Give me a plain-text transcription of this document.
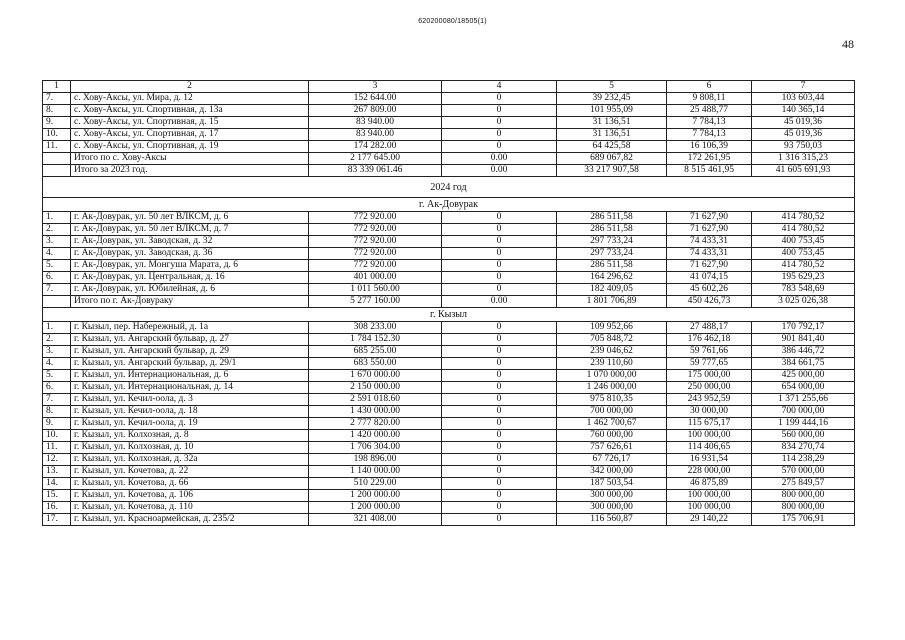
620200080/18505(1)
48
1	2	3	4	5	6	7
7.	с. Хову-Аксы, ул. Мира, д. 12	152 644.00	0	39 232,45	9 808,11	103 603,44
8.	с. Хову-Аксы, ул. Спортивная, д. 13а	267 809.00	0	101 955,09	25 488,77	140 365,14
9.	с. Хову-Аксы, ул. Спортивная, д. 15	83 940.00	0	31 136,51	7 784,13	45 019,36
10.	с. Хову-Аксы, ул. Спортивная, д. 17	83 940.00	0	31 136,51	7 784,13	45 019,36
11.	с. Хову-Аксы, ул. Спортивная, д. 19	174 282.00	0	64 425,58	16 106,39	93 750,03
	Итого по с. Хову-Аксы	2 177 645.00	0.00	689 067,82	172 261,95	1 316 315,23
	Итого за 2023 год.	83 339 061.46	0.00	33 217 907,58	8 515 461,95	41 605 691,93
2024 год						
г. Ак-Довурак						
1.	г. Ак-Довурак, ул. 50 лет ВЛКСМ, д. 6	772 920.00	0	286 511,58	71 627,90	414 780,52
2.	г. Ак-Довурак, ул. 50 лет ВЛКСМ, д. 7	772 920.00	0	286 511,58	71 627,90	414 780,52
3.	г. Ак-Довурак, ул. Заводская, д. 32	772 920.00	0	297 733,24	74 433,31	400 753,45
4.	г. Ак-Довурак, ул. Заводская, д. 36	772 920.00	0	297 733,24	74 433,31	400 753,45
5.	г. Ак-Довурак, ул. Монгуша Марата, д. 6	772 920.00	0	286 511,58	71 627,90	414 780,52
6.	г. Ак-Довурак, ул. Центральная, д. 16	401 000.00	0	164 296,62	41 074,15	195 629,23
7.	г. Ак-Довурак, ул. Юбилейная, д. 6	1 011 560.00	0	182 409,05	45 602,26	783 548,69
	Итого по г. Ак-Довураку	5 277 160.00	0.00	1 801 706,89	450 426,73	3 025 026,38
г. Кызыл						
1.	г. Кызыл, пер. Набережный, д. 1а	308 233.00	0	109 952,66	27 488,17	170 792,17
2.	г. Кызыл, ул. Ангарский бульвар, д. 27	1 784 152.30	0	705 848,72	176 462,18	901 841,40
3.	г. Кызыл, ул. Ангарский бульвар, д. 29	685 255.00	0	239 046,62	59 761,66	386 446,72
4.	г. Кызыл, ул. Ангарский бульвар, д. 29/1	683 550.00	0	239 110,60	59 777,65	384 661,75
5.	г. Кызыл, ул. Интернациональная, д. 6	1 670 000.00	0	1 070 000,00	175 000,00	425 000,00
6.	г. Кызыл, ул. Интернациональная, д. 14	2 150 000.00	0	1 246 000,00	250 000,00	654 000,00
7.	г. Кызыл, ул. Кечил-оола, д. 3	2 591 018.60	0	975 810,35	243 952,59	1 371 255,66
8.	г. Кызыл, ул. Кечил-оола, д. 18	1 430 000.00	0	700 000,00	30 000,00	700 000,00
9.	г. Кызыл, ул. Кечил-оола, д. 19	2 777 820.00	0	1 462 700,67	115 675,17	1 199 444,16
10.	г. Кызыл, ул. Колхозная, д. 8	1 420 000.00	0	760 000,00	100 000,00	560 000,00
11.	г. Кызыл, ул. Колхозная, д. 10	1 706 304.00	0	757 626,61	114 406,65	834 270,74
12.	г. Кызыл, ул. Колхозная, д. 32а	198 896.00	0	67 726,17	16 931,54	114 238,29
13.	г. Кызыл, ул. Кочетова, д. 22	1 140 000.00	0	342 000,00	228 000,00	570 000,00
14.	г. Кызыл, ул. Кочетова, д. 66	510 229.00	0	187 503,54	46 875,89	275 849,57
15.	г. Кызыл, ул. Кочетова, д. 106	1 200 000.00	0	300 000,00	100 000,00	800 000,00
16.	г. Кызыл, ул. Кочетова, д. 110	1 200 000.00	0	300 000,00	100 000,00	800 000,00
17.	г. Кызыл, ул. Красноармейская, д. 235/2	321 408.00	0	116 560,87	29 140,22	175 706,91
